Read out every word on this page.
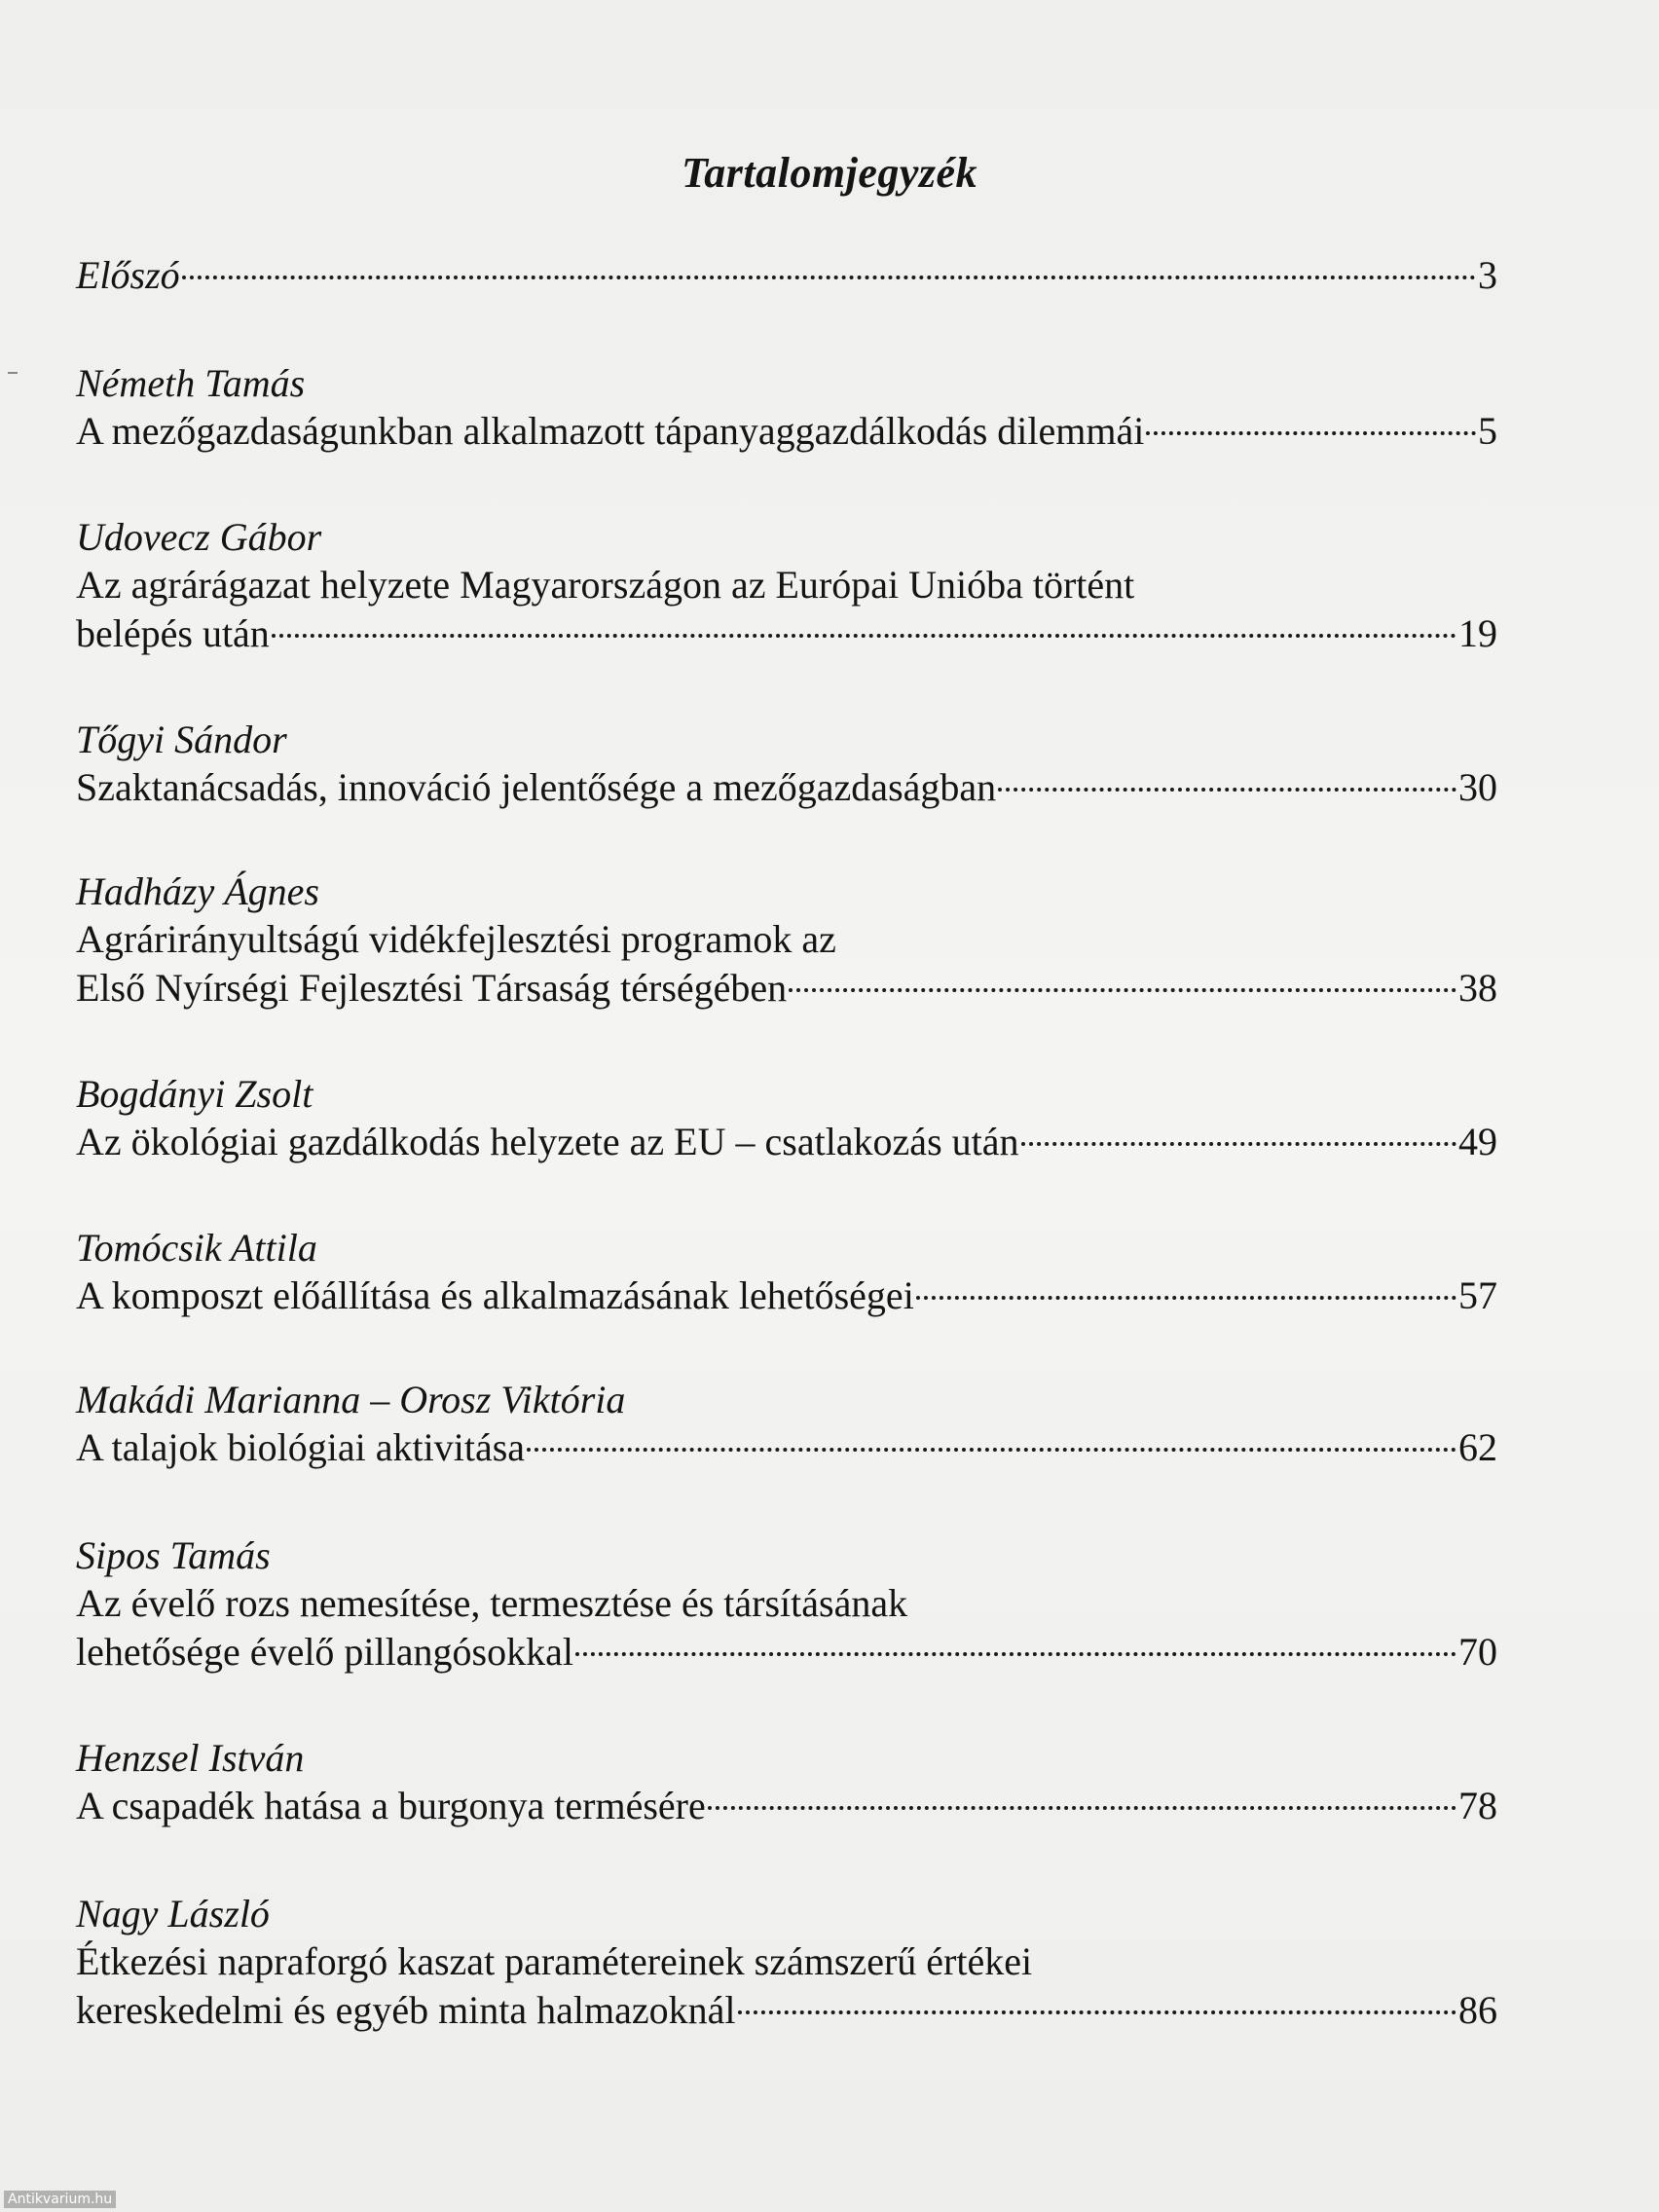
Tartalomjegyzék
Előszó	3
Németh Tamás
A mezőgazdaságunkban alkalmazott tápanyaggazdálkodás dilemmái	5
Udovecz Gábor
Az agrárágazat helyzete Magyarországon az Európai Unióba történt
belépés után	19
Tőgyi Sándor
Szaktanácsadás, innováció jelentősége a mezőgazdaságban	30
Hadházy Ágnes
Agrárirányultságú vidékfejlesztési programok az
Első Nyírségi Fejlesztési Társaság térségében	38
Bogdányi Zsolt
Az ökológiai gazdálkodás helyzete az EU – csatlakozás után	49
Tomócsik Attila
A komposzt előállítása és alkalmazásának lehetőségei	57
Makádi Marianna – Orosz Viktória
A talajok biológiai aktivitása	62
Sipos Tamás
Az évelő rozs nemesítése, termesztése és társításának
lehetősége évelő pillangósokkal	70
Henzsel István
A csapadék hatása a burgonya termésére	78
Nagy László
Étkezési napraforgó kaszat paramétereinek számszerű értékei
kereskedelmi és egyéb minta halmazoknál	86
Antikvarium.hu
